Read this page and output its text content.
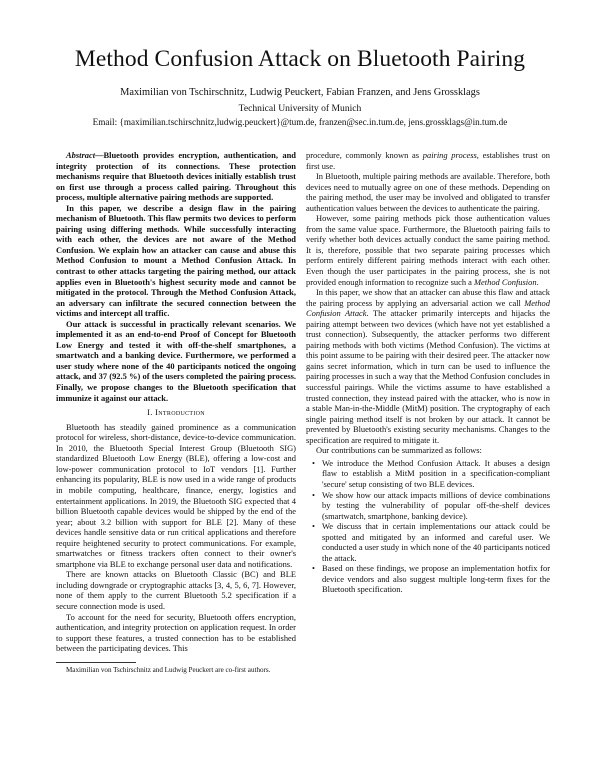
Method Confusion Attack on Bluetooth Pairing
Maximilian von Tschirschnitz, Ludwig Peuckert, Fabian Franzen, and Jens Grossklags
Technical University of Munich
Email: {maximilian.tschirschnitz,ludwig.peuckert}@tum.de, franzen@sec.in.tum.de, jens.grossklags@in.tum.de

Abstract—Bluetooth provides encryption, authentication, and integrity protection of its connections. These protection mechanisms require that Bluetooth devices initially establish trust on first use through a process called pairing. Throughout this process, multiple alternative pairing methods are supported.

In this paper, we describe a design flaw in the pairing mechanism of Bluetooth. This flaw permits two devices to perform pairing using differing methods. While successfully interacting with each other, the devices are not aware of the Method Confusion. We explain how an attacker can cause and abuse this Method Confusion to mount a Method Confusion Attack. In contrast to other attacks targeting the pairing method, our attack applies even in Bluetooth's highest security mode and cannot be mitigated in the protocol. Through the Method Confusion Attack, an adversary can infiltrate the secured connection between the victims and intercept all traffic.

Our attack is successful in practically relevant scenarios. We implemented it as an end-to-end Proof of Concept for Bluetooth Low Energy and tested it with off-the-shelf smartphones, a smartwatch and a banking device. Furthermore, we performed a user study where none of the 40 participants noticed the ongoing attack, and 37 (92.5 %) of the users completed the pairing process. Finally, we propose changes to the Bluetooth specification that immunize it against our attack.

I. Introduction

Bluetooth has steadily gained prominence as a communication protocol for wireless, short-distance, device-to-device communication. In 2010, the Bluetooth Special Interest Group (Bluetooth SIG) standardized Bluetooth Low Energy (BLE), offering a low-cost and low-power communication protocol to IoT vendors [1]. Further enhancing its popularity, BLE is now used in a wide range of products in mobile computing, healthcare, finance, energy, logistics and entertainment applications. In 2019, the Bluetooth SIG expected that 4 billion Bluetooth capable devices would be shipped by the end of the year; about 3.2 billion with support for BLE [2]. Many of these devices handle sensitive data or run critical applications and therefore require heightened security to protect communications. For example, smartwatches or fitness trackers often connect to their owner's smartphone via BLE to exchange personal user data and notifications.

There are known attacks on Bluetooth Classic (BC) and BLE including downgrade or cryptographic attacks [3, 4, 5, 6, 7]. However, none of them apply to the current Bluetooth 5.2 specification if a secure connection mode is used.

To account for the need for security, Bluetooth offers encryption, authentication, and integrity protection on application request. In order to support these features, a trusted connection has to be established between the participating devices. This

Maximilian von Tschirschnitz and Ludwig Peuckert are co-first authors.

procedure, commonly known as pairing process, establishes trust on first use.

In Bluetooth, multiple pairing methods are available. Therefore, both devices need to mutually agree on one of these methods. Depending on the pairing method, the user may be involved and obligated to transfer authentication values between the devices to authenticate the pairing.

However, some pairing methods pick those authentication values from the same value space. Furthermore, the Bluetooth pairing fails to verify whether both devices actually conduct the same pairing method. It is, therefore, possible that two separate pairing processes which perform entirely different pairing methods interact with each other. Even though the user participates in the pairing process, she is not provided enough information to recognize such a Method Confusion.

In this paper, we show that an attacker can abuse this flaw and attack the pairing process by applying an adversarial action we call Method Confusion Attack. The attacker primarily intercepts and hijacks the pairing attempt between two devices (which have not yet established a trust connection). Subsequently, the attacker performs two different pairing methods with both victims (Method Confusion). The victims at this point assume to be pairing with their desired peer. The attacker now gains secret information, which in turn can be used to influence the pairing processes in such a way that the Method Confusion concludes in successful pairings. While the victims assume to have established a trusted connection, they instead paired with the attacker, who is now in a stable Man-in-the-Middle (MitM) position. The cryptography of each single pairing method itself is not broken by our attack. It cannot be prevented by Bluetooth's existing security mechanisms. Changes to the specification are required to mitigate it.

Our contributions can be summarized as follows:

• We introduce the Method Confusion Attack. It abuses a design flaw to establish a MitM position in a specification-compliant 'secure' setup consisting of two BLE devices.
• We show how our attack impacts millions of device combinations by testing the vulnerability of popular off-the-shelf devices (smartwatch, smartphone, banking device).
• We discuss that in certain implementations our attack could be spotted and mitigated by an informed and careful user. We conducted a user study in which none of the 40 participants noticed the attack.
• Based on these findings, we propose an implementation hotfix for device vendors and also suggest multiple long-term fixes for the Bluetooth specification.
